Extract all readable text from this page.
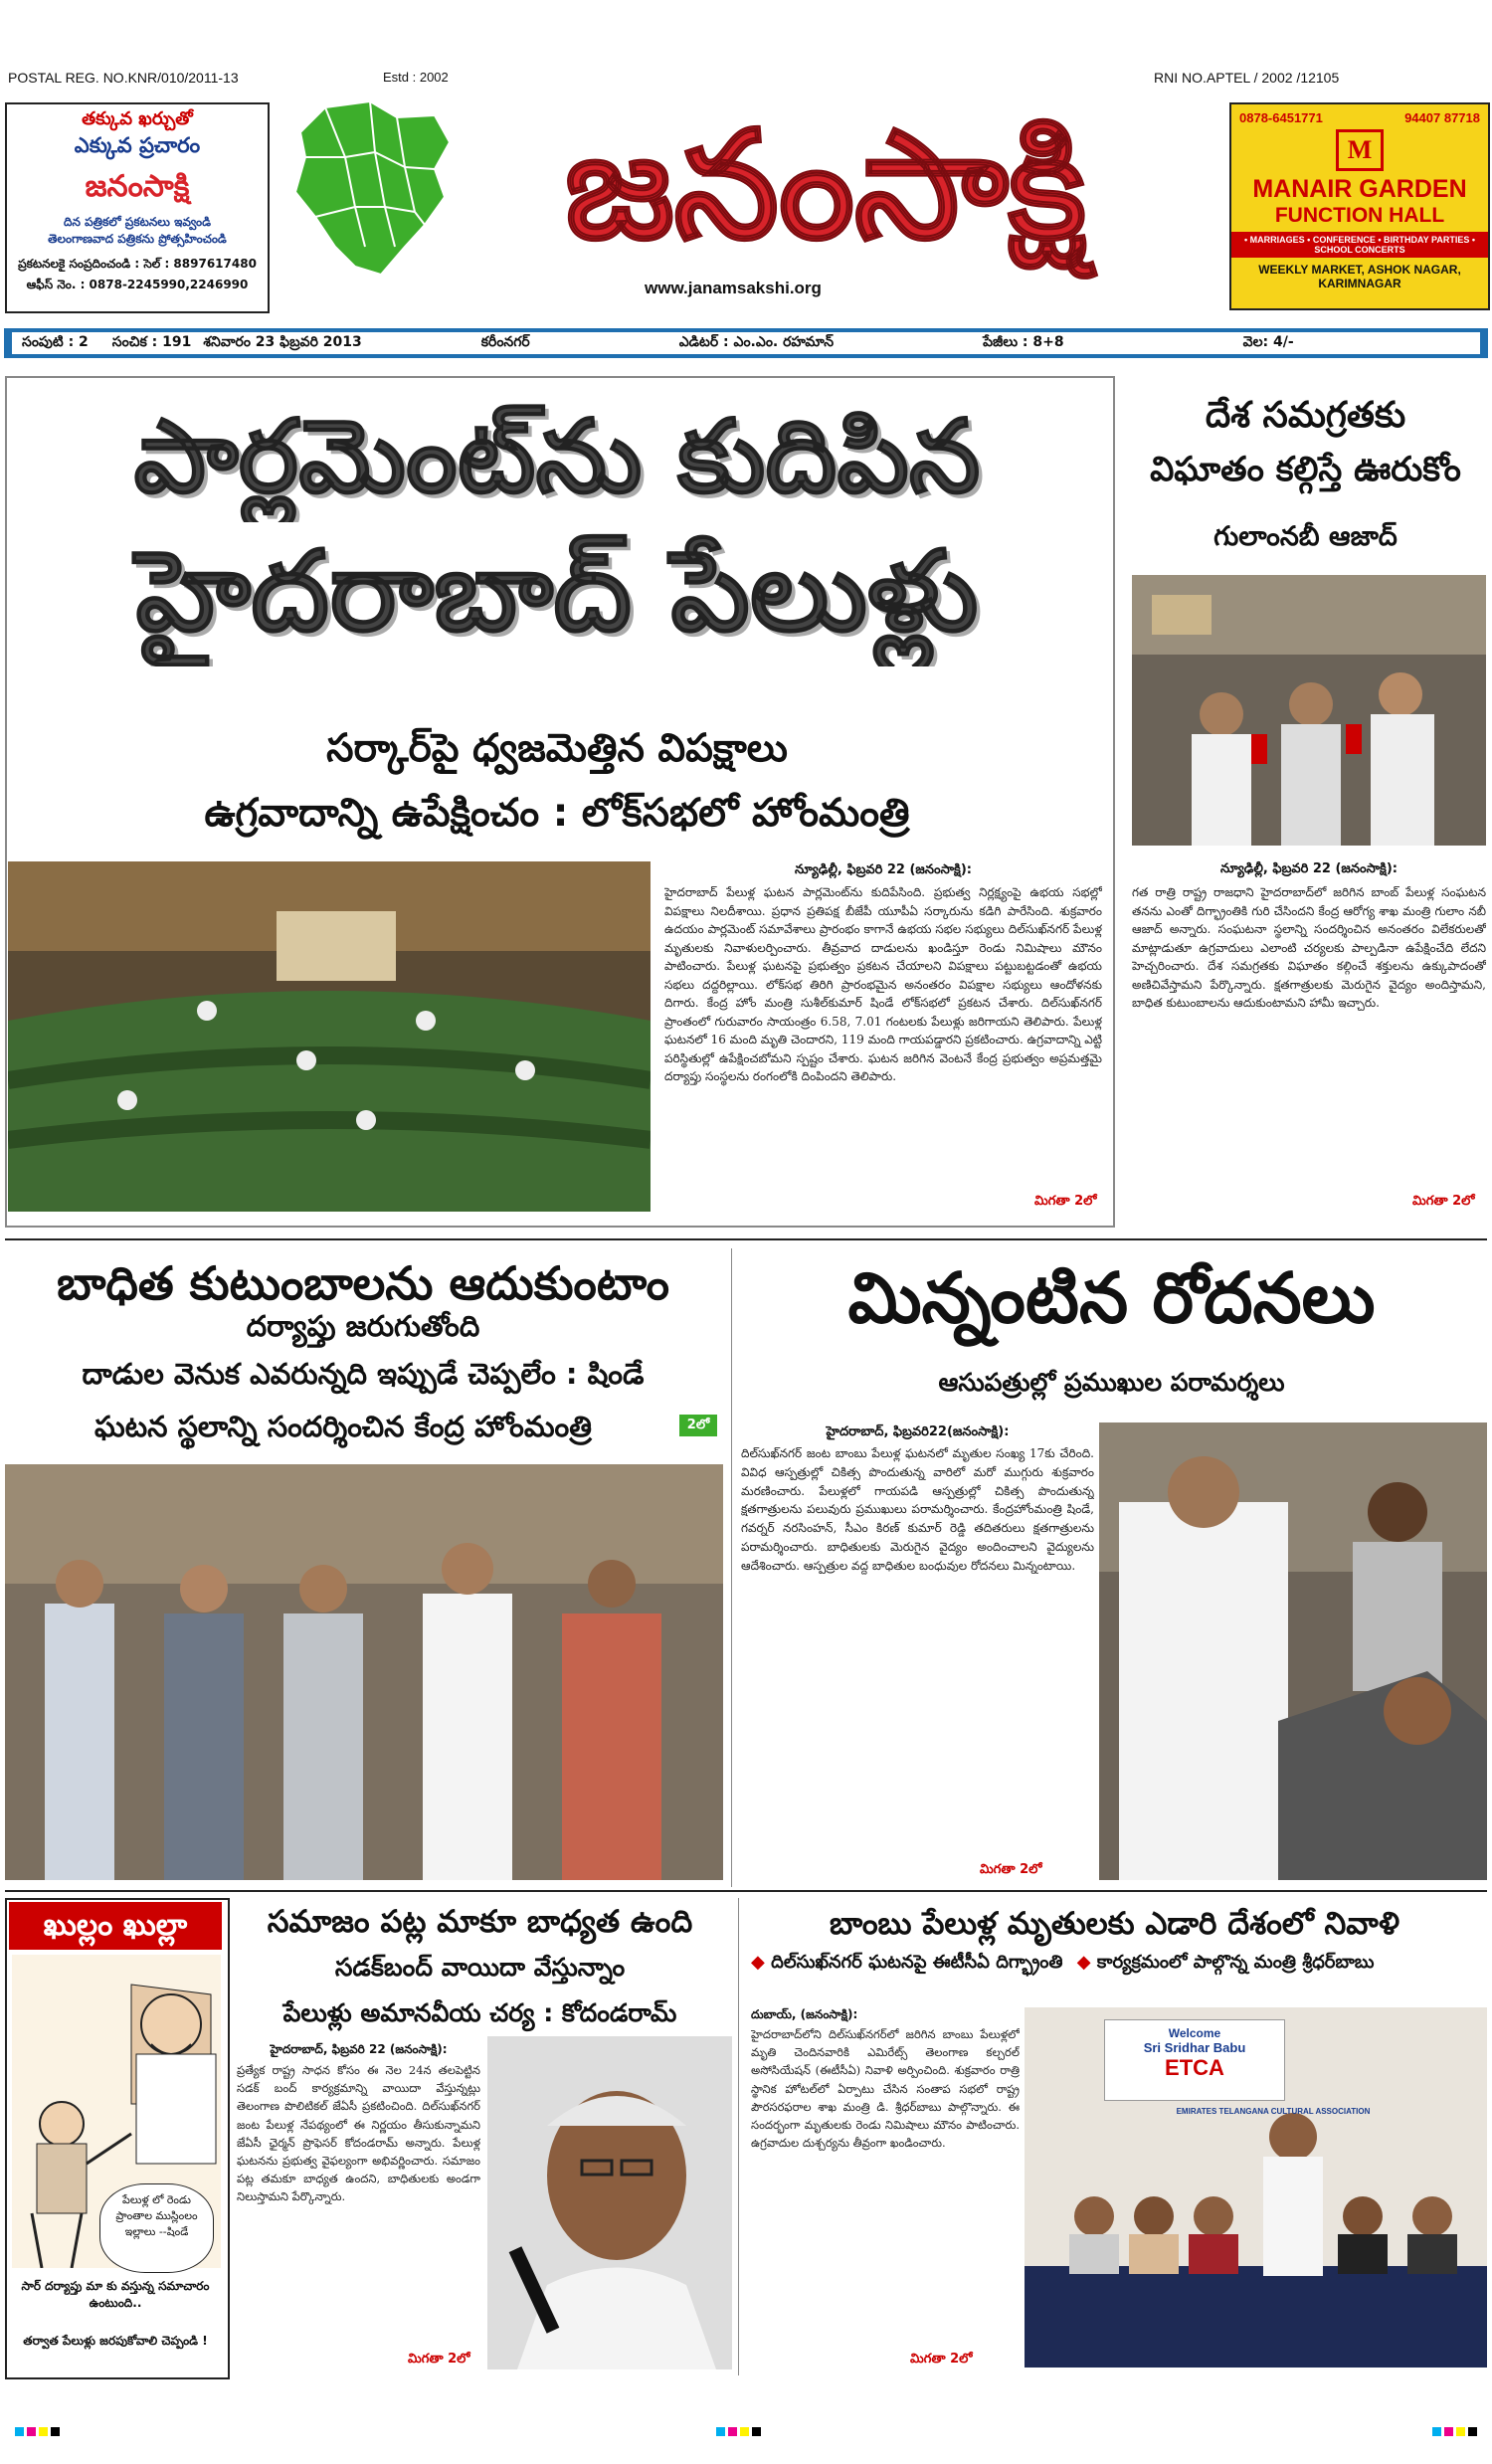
POSTAL REG. NO.KNR/010/2011-13	Estd : 2002	RNI NO.APTEL / 2002 /12105
తక్కువ ఖర్చుతో
ఎక్కువ ప్రచారం
జనంసాక్షి
దిన పత్రికలో ప్రకటనలు ఇవ్వండి
తెలంగాణవాద పత్రికను ప్రోత్సహించండి
ప్రకటనలకై సంప్రదించండి : సెల్ : 8897617480
ఆఫీస్ నెం. : 0878-2245990,2246990
జనంసాక్షి
www.janamsakshi.org
0878-6451771	94407 87718
M
MANAIR GARDEN
FUNCTION HALL
• MARRIAGES • CONFERENCE • BIRTHDAY PARTIES • SCHOOL CONCERTS
WEEKLY MARKET, ASHOK NAGAR, KARIMNAGAR
సంపుటి : 2 సంచిక : 191 శనివారం 23 ఫిబ్రవరి 2013	కరీంనగర్	ఎడిటర్ : ఎం.ఎం. రహమాన్	పేజీలు : 8+8	వెల: 4/-
పార్లమెంట్‌ను కుదిపిన
హైదరాబాద్ పేలుళ్లు
సర్కార్‌పై ధ్వజమెత్తిన విపక్షాలు
ఉగ్రవాదాన్ని ఉపేక్షించం : లోక్‌సభలో హోంమంత్రి
న్యూఢిల్లీ, ఫిబ్రవరి 22 (జనంసాక్షి):
హైదరాబాద్ పేలుళ్ల ఘటన పార్లమెంట్‌ను కుదిపేసింది. ప్రభుత్వ నిర్లక్ష్యంపై ఉభయ సభల్లో విపక్షాలు నిలదీశాయి. ప్రధాన ప్రతిపక్ష బీజేపీ యూపీఏ సర్కారును కడిగి పారేసింది. శుక్రవారం ఉదయం పార్లమెంట్ సమావేశాలు ప్రారంభం కాగానే ఉభయ సభల సభ్యులు దిల్‌సుఖ్‌నగర్ పేలుళ్ల మృతులకు నివాళులర్పించారు. తీవ్రవాద దాడులను ఖండిస్తూ రెండు నిమిషాలు మౌనం పాటించారు. పేలుళ్ల ఘటనపై ప్రభుత్వం ప్రకటన చేయాలని విపక్షాలు పట్టుబట్టడంతో ఉభయ సభలు దద్దరిల్లాయి. లోక్‌సభ తిరిగి ప్రారంభమైన అనంతరం విపక్షాల సభ్యులు ఆందోళనకు దిగారు. కేంద్ర హోం మంత్రి సుశీల్‌కుమార్ షిండే లోక్‌సభలో ప్రకటన చేశారు. దిల్‌సుఖ్‌నగర్ ప్రాంతంలో గురువారం సాయంత్రం 6.58, 7.01 గంటలకు పేలుళ్లు జరిగాయని తెలిపారు. పేలుళ్ల ఘటనలో 16 మంది మృతి చెందారని, 119 మంది గాయపడ్డారని ప్రకటించారు. ఉగ్రవాదాన్ని ఎట్టి పరిస్థితుల్లో ఉపేక్షించబోమని స్పష్టం చేశారు. ఘటన జరిగిన వెంటనే కేంద్ర ప్రభుత్వం అప్రమత్తమై దర్యాప్తు సంస్థలను రంగంలోకి దింపిందని తెలిపారు.
మిగతా 2లో
దేశ సమగ్రతకు
విఘాతం కల్గిస్తే ఊరుకోం
గులాంనబీ ఆజాద్
న్యూఢిల్లీ, ఫిబ్రవరి 22 (జనంసాక్షి):
గత రాత్రి రాష్ట్ర రాజధాని హైదరాబాద్‌లో జరిగిన బాంబ్ పేలుళ్ల సంఘటన తనను ఎంతో దిగ్భ్రాంతికి గురి చేసిందని కేంద్ర ఆరోగ్య శాఖ మంత్రి గులాం నబీ ఆజాద్ అన్నారు. సంఘటనా స్థలాన్ని సందర్శించిన అనంతరం విలేకరులతో మాట్లాడుతూ ఉగ్రవాదులు ఎలాంటి చర్యలకు పాల్పడినా ఉపేక్షించేది లేదని హెచ్చరించారు. దేశ సమగ్రతకు విఘాతం కల్గించే శక్తులను ఉక్కుపాదంతో అణిచివేస్తామని పేర్కొన్నారు. క్షతగాత్రులకు మెరుగైన వైద్యం అందిస్తామని, బాధిత కుటుంబాలను ఆదుకుంటామని హామీ ఇచ్చారు.
మిగతా 2లో
బాధిత కుటుంబాలను ఆదుకుంటాం
దర్యాప్తు జరుగుతోంది
దాడుల వెనుక ఎవరున్నది ఇప్పుడే చెప్పలేం : షిండే
ఘటన స్థలాన్ని సందర్శించిన కేంద్ర హోంమంత్రి	2లో
మిన్నంటిన రోదనలు
ఆసుపత్రుల్లో ప్రముఖుల పరామర్శలు
హైదరాబాద్, ఫిబ్రవరి22(జనంసాక్షి):
దిల్‌సుఖ్‌నగర్ జంట బాంబు పేలుళ్ల ఘటనలో మృతుల సంఖ్య 17కు చేరింది. వివిధ ఆస్పత్రుల్లో చికిత్స పొందుతున్న వారిలో మరో ముగ్గురు శుక్రవారం మరణించారు. పేలుళ్లలో గాయపడి ఆస్పత్రుల్లో చికిత్స పొందుతున్న క్షతగాత్రులను పలువురు ప్రముఖులు పరామర్శించారు. కేంద్రహోంమంత్రి షిండే, గవర్నర్ నరసింహన్, సీఎం కిరణ్ కుమార్ రెడ్డి తదితరులు క్షతగాత్రులను పరామర్శించారు. బాధితులకు మెరుగైన వైద్యం అందించాలని వైద్యులను ఆదేశించారు. ఆస్పత్రుల వద్ద బాధితుల బంధువుల రోదనలు మిన్నంటాయి.
మిగతా 2లో
ఖుల్లం ఖుల్లా
పేలుళ్ల లో రెండు ప్రాంతాల ముస్లింలం ఇల్లాలు --షిండే
సార్ దర్యాప్తు మా కు వస్తున్న సమాచారం ఉంటుంది..
తర్వాత పేలుళ్లు జరపుకోవాలి చెప్పండి !
సమాజం పట్ల మాకూ బాధ్యత ఉంది
సడక్‌బంద్ వాయిదా వేస్తున్నాం
పేలుళ్లు అమానవీయ చర్య : కోదండరామ్
హైదరాబాద్, ఫిబ్రవరి 22 (జనంసాక్షి):
ప్రత్యేక రాష్ట్ర సాధన కోసం ఈ నెల 24న తలపెట్టిన సడక్ బంద్ కార్యక్రమాన్ని వాయిదా వేస్తున్నట్లు తెలంగాణ పొలిటికల్ జేఏసీ ప్రకటించింది. దిల్‌సుఖ్‌నగర్ జంట పేలుళ్ల నేపథ్యంలో ఈ నిర్ణయం తీసుకున్నామని జేఏసీ ఛైర్మన్ ప్రొఫెసర్ కోదండరామ్ అన్నారు. పేలుళ్ల ఘటనను ప్రభుత్వ వైఫల్యంగా అభివర్ణించారు. సమాజం పట్ల తమకూ బాధ్యత ఉందని, బాధితులకు అండగా నిలుస్తామని పేర్కొన్నారు.
మిగతా 2లో
బాంబు పేలుళ్ల మృతులకు ఎడారి దేశంలో నివాళి
◆ దిల్‌సుఖ్‌నగర్ ఘటనపై ఈటీసీఏ దిగ్భ్రాంతి ◆ కార్యక్రమంలో పాల్గొన్న మంత్రి శ్రీధర్‌బాబు
దుబాయ్, (జనంసాక్షి):
హైదరాబాద్‌లోని దిల్‌సుఖ్‌నగర్‌లో జరిగిన బాంబు పేలుళ్లలో మృతి చెందినవారికి ఎమిరేట్స్ తెలంగాణ కల్చరల్ అసోసియేషన్ (ఈటీసీఏ) నివాళి అర్పించింది. శుక్రవారం రాత్రి స్థానిక హోటల్‌లో ఏర్పాటు చేసిన సంతాప సభలో రాష్ట్ర పౌరసరఫరాల శాఖ మంత్రి డి. శ్రీధర్‌బాబు పాల్గొన్నారు. ఈ సందర్భంగా మృతులకు రెండు నిమిషాలు మౌనం పాటించారు. ఉగ్రవాదుల దుశ్చర్యను తీవ్రంగా ఖండించారు.
మిగతా 2లో
Welcome
Sri Sridhar Babu
ETCA
EMIRATES TELANGANA CULTURAL ASSOCIATION
